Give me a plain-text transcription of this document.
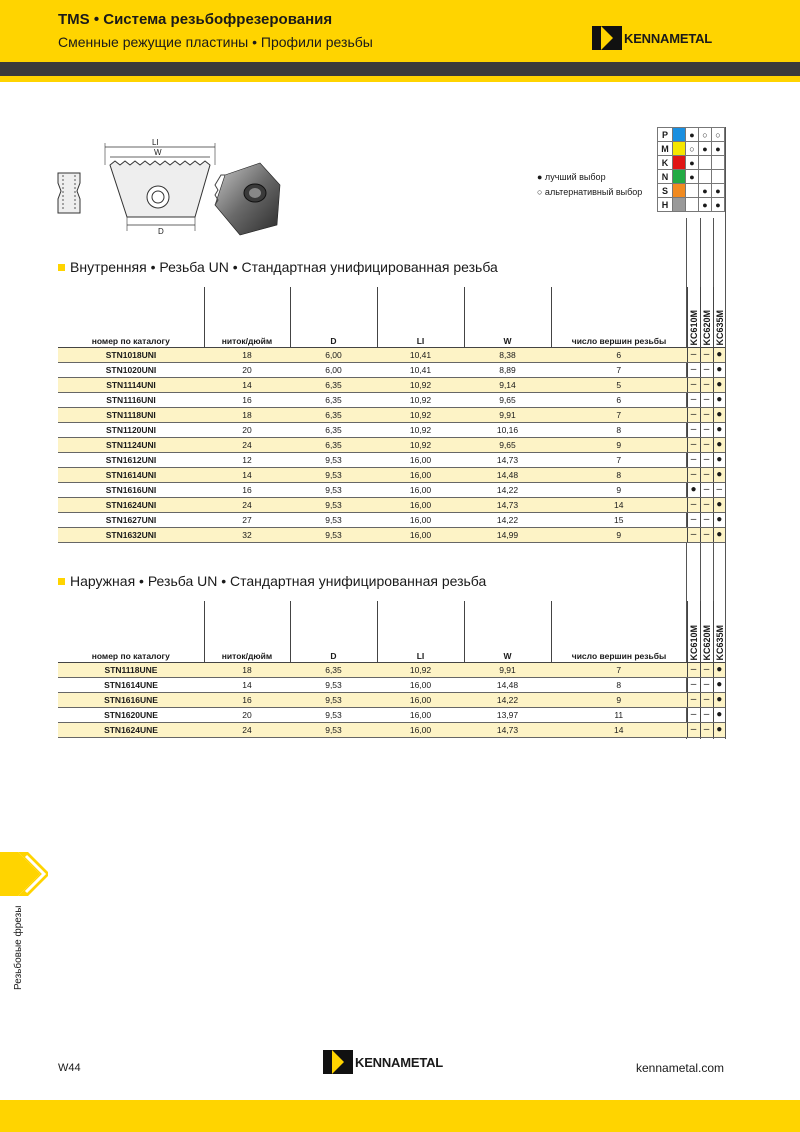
TMS • Система резьбофрезерования
Сменные режущие пластины • Профили резьбы	KENNAMETAL
LI
W
D
P		●	○	○
M		○	●	●
K		●		
N		●		
S			●	●
H			●	●
● лучший выбор
○ альтернативный выбор
Внутренняя • Резьба UN • Стандартная унифицированная резьба
номер по каталогу	ниток/дюйм	D	LI	W	число вершин резьбы	KC610M	KC620M	KC635M

STN1018UNI	18	6,00	10,41	8,38	6	–	–	●
STN1020UNI	20	6,00	10,41	8,89	7	–	–	●
STN1114UNI	14	6,35	10,92	9,14	5	–	–	●
STN1116UNI	16	6,35	10,92	9,65	6	–	–	●
STN1118UNI	18	6,35	10,92	9,91	7	–	–	●
STN1120UNI	20	6,35	10,92	10,16	8	–	–	●
STN1124UNI	24	6,35	10,92	9,65	9	–	–	●
STN1612UNI	12	9,53	16,00	14,73	7	–	–	●
STN1614UNI	14	9,53	16,00	14,48	8	–	–	●
STN1616UNI	16	9,53	16,00	14,22	9	●	–	–
STN1624UNI	24	9,53	16,00	14,73	14	–	–	●
STN1627UNI	27	9,53	16,00	14,22	15	–	–	●
STN1632UNI	32	9,53	16,00	14,99	9	–	–	●
Наружная • Резьба UN • Стандартная унифицированная резьба
номер по каталогу	ниток/дюйм	D	LI	W	число вершин резьбы	KC610M	KC620M	KC635M

STN1118UNE	18	6,35	10,92	9,91	7	–	–	●
STN1614UNE	14	9,53	16,00	14,48	8	–	–	●
STN1616UNE	16	9,53	16,00	14,22	9	–	–	●
STN1620UNE	20	9,53	16,00	13,97	11	–	–	●
STN1624UNE	24	9,53	16,00	14,73	14	–	–	●
Резьбовые фрезы
W44	KENNAMETAL	kennametal.com
